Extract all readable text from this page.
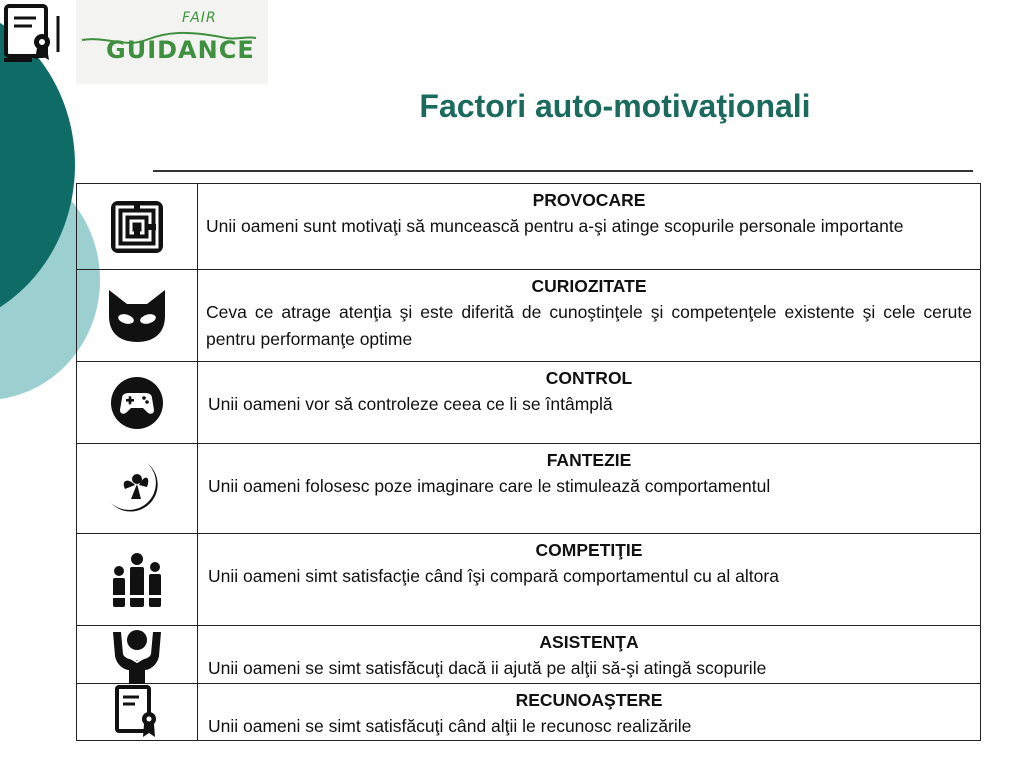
FAIR
GUIDANCE
Factori auto-motivaţionali
PROVOCARE
Unii oameni sunt motivaţi să muncească pentru a-şi atinge scopurile personale importante
CURIOZITATE
Ceva ce atrage atenţia şi este diferită de cunoştinţele şi competenţele existente şi cele cerute pentru performanţe optime
CONTROL
Unii oameni vor să controleze ceea ce li se întâmplă
FANTEZIE
Unii oameni folosesc poze imaginare care le stimulează comportamentul
COMPETIŢIE
Unii oameni simt satisfacţie când îşi compară comportamentul cu al altora
ASISTENŢA
Unii oameni se simt satisfăcuţi dacă ii ajută pe alţii să-şi atingă scopurile
RECUNOAŞTERE
Unii oameni se simt satisfăcuţi când alţii le recunosc realizările
